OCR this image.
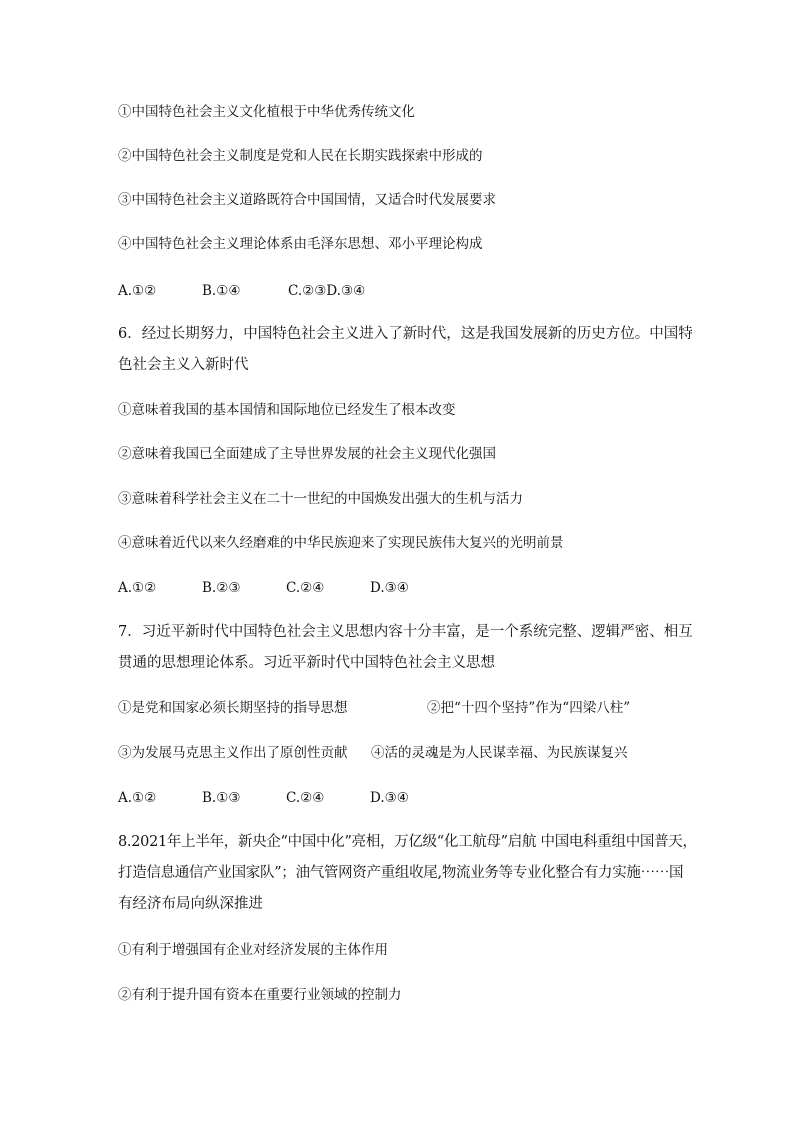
①中国特色社会主义文化植根于中华优秀传统文化
②中国特色社会主义制度是党和人民在长期实践探索中形成的
③中国特色社会主义道路既符合中国国情，又适合时代发展要求
④中国特色社会主义理论体系由毛泽东思想、邓小平理论构成
A.①②	B.①④	C.②③D.③④
6．经过长期努力，中国特色社会主义进入了新时代，这是我国发展新的历史方位。中国特
色社会主义入新时代
①意味着我国的基本国情和国际地位已经发生了根本改变
②意味着我国已全面建成了主导世界发展的社会主义现代化强国
③意味着科学社会主义在二十一世纪的中国焕发出强大的生机与活力
④意味着近代以来久经磨难的中华民族迎来了实现民族伟大复兴的光明前景
A.①②	B.②③	C.②④	D.③④
7．习近平新时代中国特色社会主义思想内容十分丰富，是一个系统完整、逻辑严密、相互
贯通的思想理论体系。习近平新时代中国特色社会主义思想
①是党和国家必须长期坚持的指导思想	②把“十四个坚持”作为“四梁八柱”
③为发展马克思主义作出了原创性贡献 ④活的灵魂是为人民谋幸福、为民族谋复兴
A.①②	B.①③	C.②④	D.③④
8.2021年上半年，新央企“中国中化”亮相，万亿级“化工航母”启航 中国电科重组中国普天，
打造信息通信产业国家队”；油气管网资产重组收尾,物流业务等专业化整合有力实施⋯⋯国
有经济布局向纵深推进
①有利于增强国有企业对经济发展的主体作用
②有利于提升国有资本在重要行业领域的控制力
